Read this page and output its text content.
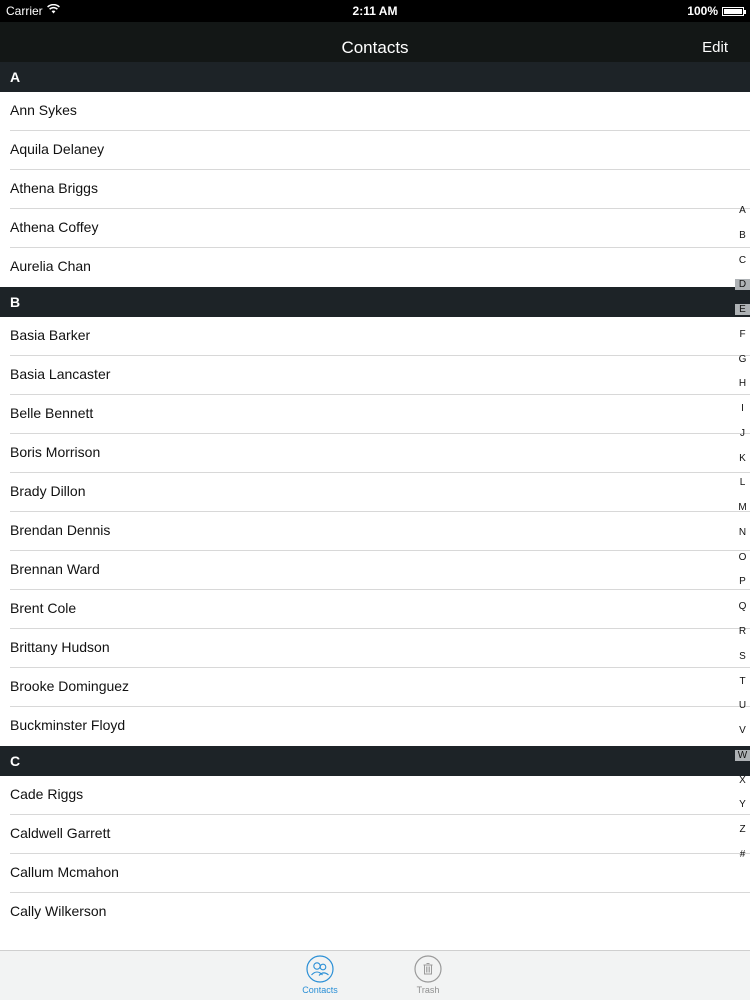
Carrier	2:11 AM	100%
Contacts	Edit
A
Ann Sykes
Aquila Delaney
Athena Briggs
Athena Coffey
Aurelia Chan
B
Basia Barker
Basia Lancaster
Belle Bennett
Boris Morrison
Brady Dillon
Brendan Dennis
Brennan Ward
Brent Cole
Brittany Hudson
Brooke Dominguez
Buckminster Floyd
C
Cade Riggs
Caldwell Garrett
Callum Mcmahon
Cally Wilkerson
A
B
C
D
E
F
G
H
I
J
K
L
M
N
O
P
Q
R
S
T
U
V
W
X
Y
Z
#
Contacts	Trash
